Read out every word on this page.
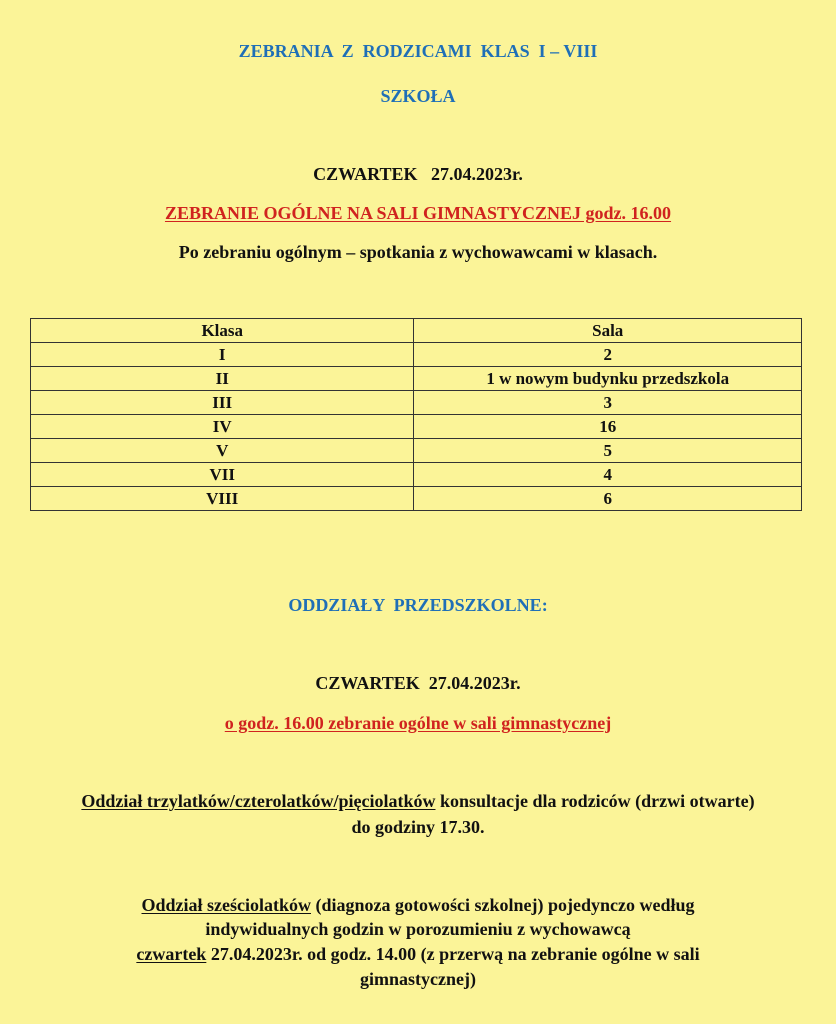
ZEBRANIA  Z  RODZICAMI  KLAS  I – VIII
SZKOŁA
CZWARTEK   27.04.2023r.
ZEBRANIE OGÓLNE NA SALI GIMNASTYCZNEJ godz. 16.00
Po zebraniu ogólnym – spotkania z wychowawcami w klasach.
Klasa	Sala
I	2
II	1 w nowym budynku przedszkola
III	3
IV	16
V	5
VII	4
VIII	6
ODDZIAŁY  PRZEDSZKOLNE:
CZWARTEK  27.04.2023r.
o godz. 16.00 zebranie ogólne w sali gimnastycznej
Oddział trzylatków/czterolatków/pięciolatków konsultacje dla rodziców (drzwi otwarte)
do godziny 17.30.
Oddział sześciolatków (diagnoza gotowości szkolnej) pojedynczo według
indywidualnych godzin w porozumieniu z wychowawcą
czwartek 27.04.2023r. od godz. 14.00 (z przerwą na zebranie ogólne w sali
gimnastycznej)
